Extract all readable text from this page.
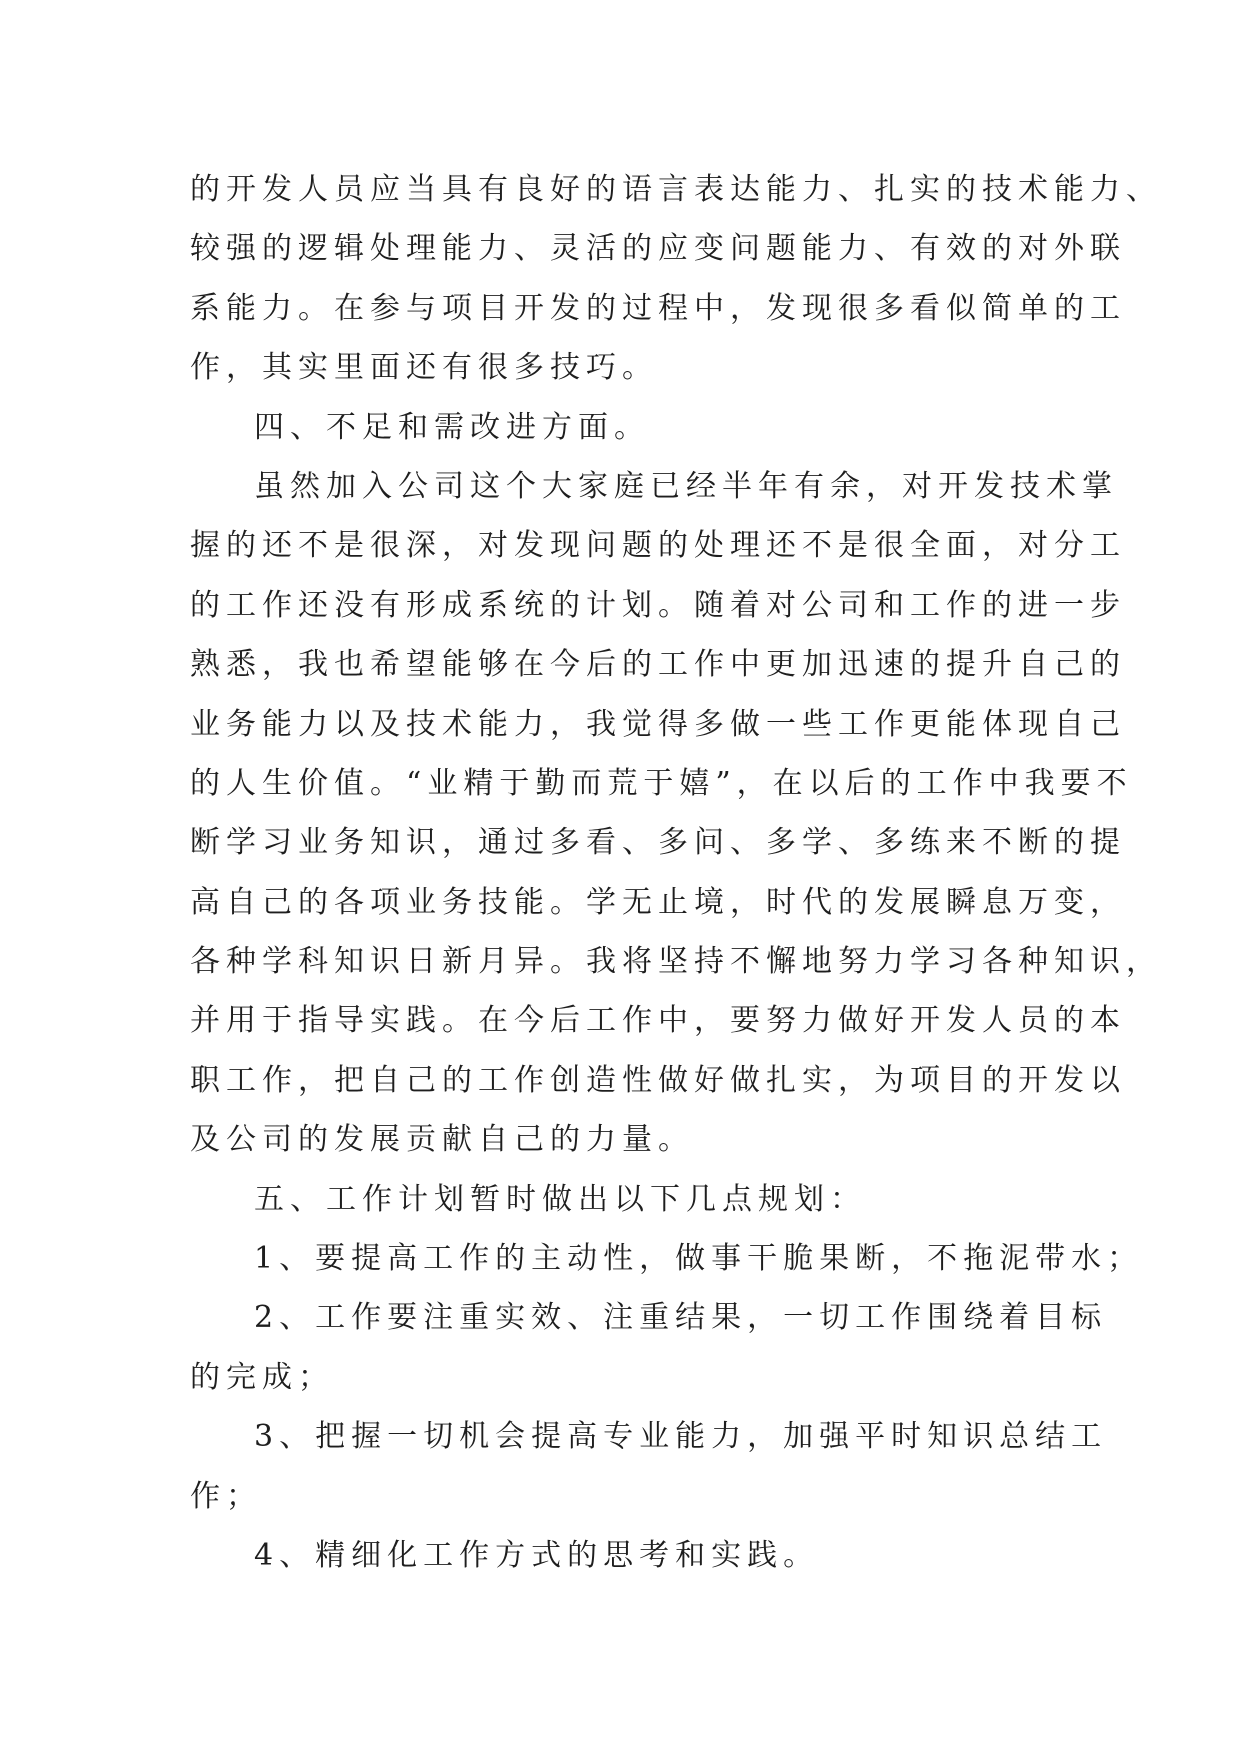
的开发人员应当具有良好的语言表达能力、扎实的技术能力、
较强的逻辑处理能力、灵活的应变问题能力、有效的对外联
系能力。在参与项目开发的过程中，发现很多看似简单的工
作，其实里面还有很多技巧。
四、不足和需改进方面。
虽然加入公司这个大家庭已经半年有余，对开发技术掌
握的还不是很深，对发现问题的处理还不是很全面，对分工
的工作还没有形成系统的计划。随着对公司和工作的进一步
熟悉，我也希望能够在今后的工作中更加迅速的提升自己的
业务能力以及技术能力，我觉得多做一些工作更能体现自己
的人生价值。“业精于勤而荒于嬉”，在以后的工作中我要不
断学习业务知识，通过多看、多问、多学、多练来不断的提
高自己的各项业务技能。学无止境，时代的发展瞬息万变，
各种学科知识日新月异。我将坚持不懈地努力学习各种知识，
并用于指导实践。在今后工作中，要努力做好开发人员的本
职工作，把自己的工作创造性做好做扎实，为项目的开发以
及公司的发展贡献自己的力量。
五、工作计划暂时做出以下几点规划：
1、要提高工作的主动性，做事干脆果断，不拖泥带水；
2、工作要注重实效、注重结果，一切工作围绕着目标
的完成；
3、把握一切机会提高专业能力，加强平时知识总结工
作；
4、精细化工作方式的思考和实践。
